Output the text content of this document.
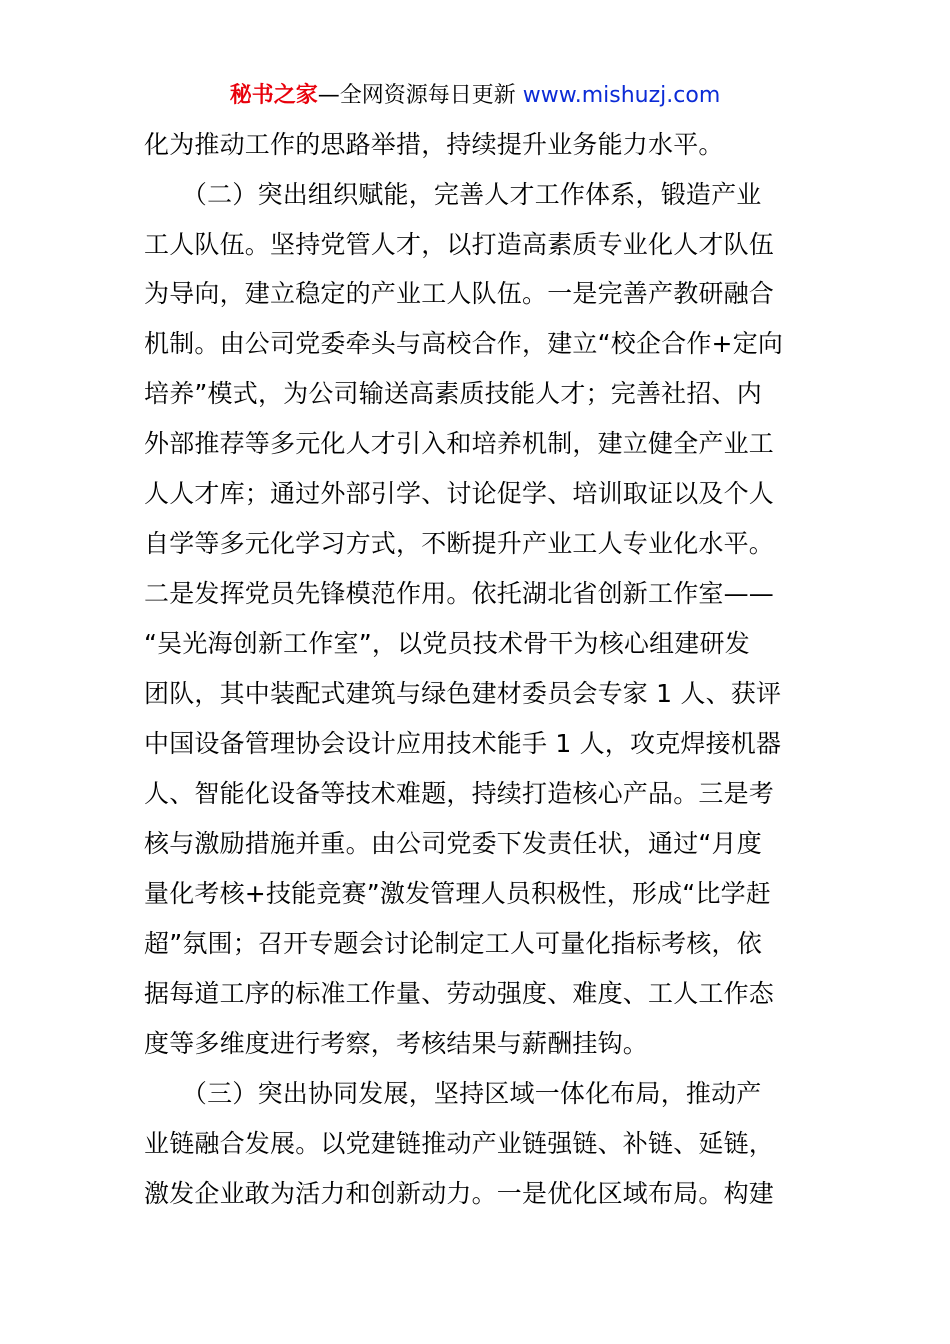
秘书之家—全网资源每日更新 www.mishuzj.com
化为推动工作的思路举措，持续提升业务能力水平。
　　（二）突出组织赋能，完善人才工作体系，锻造产业
工人队伍。坚持党管人才，以打造高素质专业化人才队伍
为导向，建立稳定的产业工人队伍。一是完善产教研融合
机制。由公司党委牵头与高校合作，建立“校企合作+定向
培养”模式，为公司输送高素质技能人才；完善社招、内
外部推荐等多元化人才引入和培养机制，建立健全产业工
人人才库；通过外部引学、讨论促学、培训取证以及个人
自学等多元化学习方式，不断提升产业工人专业化水平。
二是发挥党员先锋模范作用。依托湖北省创新工作室——
“吴光海创新工作室”，以党员技术骨干为核心组建研发
团队，其中装配式建筑与绿色建材委员会专家 1 人、获评
中国设备管理协会设计应用技术能手 1 人，攻克焊接机器
人、智能化设备等技术难题，持续打造核心产品。三是考
核与激励措施并重。由公司党委下发责任状，通过“月度
量化考核+技能竞赛”激发管理人员积极性，形成“比学赶
超”氛围；召开专题会讨论制定工人可量化指标考核，依
据每道工序的标准工作量、劳动强度、难度、工人工作态
度等多维度进行考察，考核结果与薪酬挂钩。
　　（三）突出协同发展，坚持区域一体化布局，推动产
业链融合发展。以党建链推动产业链强链、补链、延链，
激发企业敢为活力和创新动力。一是优化区域布局。构建
